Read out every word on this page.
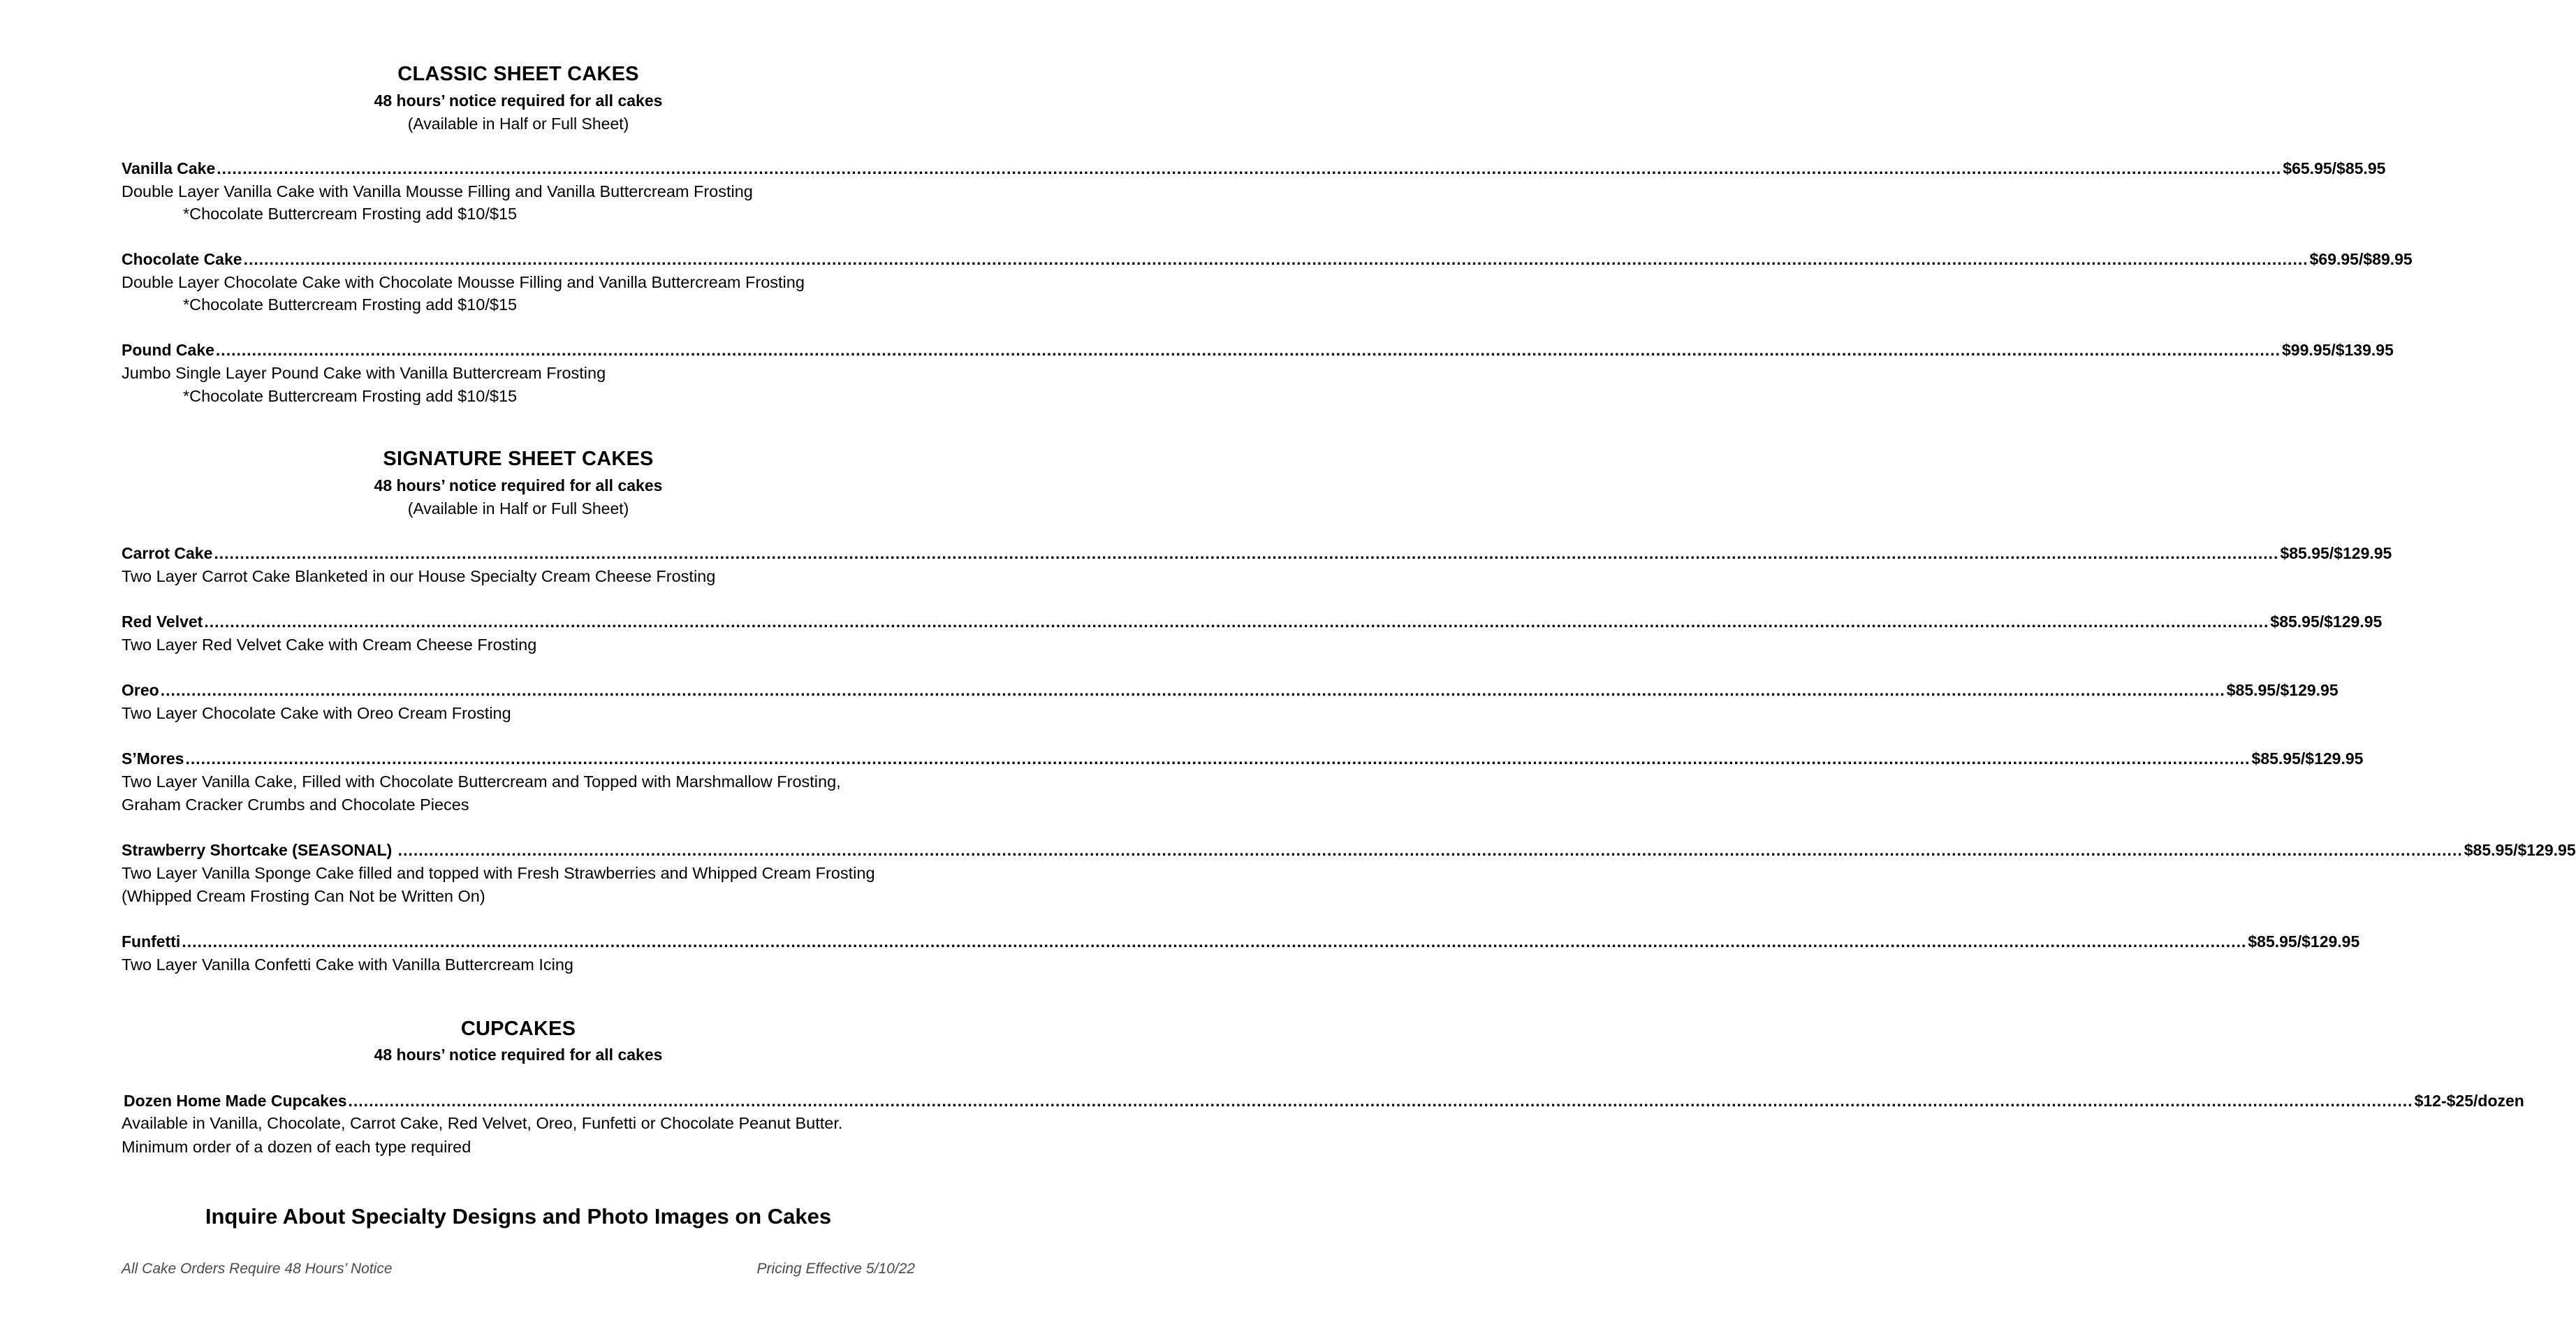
CLASSIC SHEET CAKES
48 hours’ notice required for all cakes
(Available in Half or Full Sheet)
Vanilla Cake ................................................................................................................................................................................................................................................................................................................................................................................................................ $65.95/$85.95
Double Layer Vanilla Cake with Vanilla Mousse Filling and Vanilla Buttercream Frosting
*Chocolate Buttercream Frosting add $10/$15
Chocolate Cake ................................................................................................................................................................................................................................................................................................................................................................................................................ $69.95/$89.95
Double Layer Chocolate Cake with Chocolate Mousse Filling and Vanilla Buttercream Frosting
*Chocolate Buttercream Frosting add $10/$15
Pound Cake ................................................................................................................................................................................................................................................................................................................................................................................................................ $99.95/$139.95
Jumbo Single Layer Pound Cake with Vanilla Buttercream Frosting
*Chocolate Buttercream Frosting add $10/$15
SIGNATURE SHEET CAKES
48 hours’ notice required for all cakes
(Available in Half or Full Sheet)
Carrot Cake ................................................................................................................................................................................................................................................................................................................................................................................................................ $85.95/$129.95
Two Layer Carrot Cake Blanketed in our House Specialty Cream Cheese Frosting
Red Velvet ................................................................................................................................................................................................................................................................................................................................................................................................................ $85.95/$129.95
Two Layer Red Velvet Cake with Cream Cheese Frosting
Oreo ................................................................................................................................................................................................................................................................................................................................................................................................................ $85.95/$129.95
Two Layer Chocolate Cake with Oreo Cream Frosting
S’Mores ................................................................................................................................................................................................................................................................................................................................................................................................................ $85.95/$129.95
Two Layer Vanilla Cake, Filled with Chocolate Buttercream and Topped with Marshmallow Frosting,
Graham Cracker Crumbs and Chocolate Pieces
Strawberry Shortcake (SEASONAL) ................................................................................................................................................................................................................................................................................................................................................................................................................ $85.95/$129.95
Two Layer Vanilla Sponge Cake filled and topped with Fresh Strawberries and Whipped Cream Frosting
(Whipped Cream Frosting Can Not be Written On)
Funfetti ................................................................................................................................................................................................................................................................................................................................................................................................................ $85.95/$129.95
Two Layer Vanilla Confetti Cake with Vanilla Buttercream Icing
CUPCAKES
48 hours’ notice required for all cakes
Dozen Home Made Cupcakes ................................................................................................................................................................................................................................................................................................................................................................................................................ $12-$25/dozen
Available in Vanilla, Chocolate, Carrot Cake, Red Velvet, Oreo, Funfetti or Chocolate Peanut Butter.
Minimum order of a dozen of each type required
Inquire About Specialty Designs and Photo Images on Cakes
All Cake Orders Require 48 Hours’ Notice	Pricing Effective 5/10/22
